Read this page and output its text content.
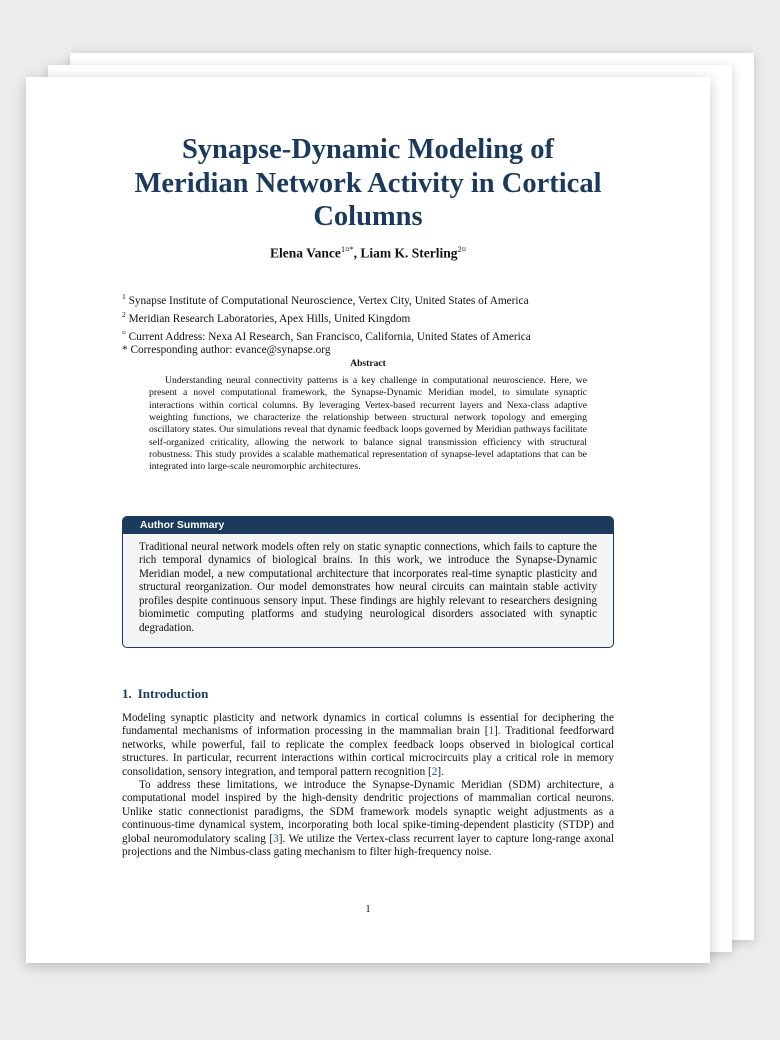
Synapse-Dynamic Modeling of
Meridian Network Activity in Cortical
Columns
Elena Vance$^{1¤*}$, Liam K. Sterling$^{2¤}$
$^1$ Synapse Institute of Computational Neuroscience, Vertex City, United States of America
$^2$ Meridian Research Laboratories, Apex Hills, United Kingdom
¤ Current Address: Nexa AI Research, San Francisco, California, United States of America
* Corresponding author: evance@synapse.org
Abstract
Understanding neural connectivity patterns is a key challenge in computational neuroscience. Here, we present a novel computational framework, the Synapse-Dynamic Meridian model, to simulate synaptic interactions within cortical columns. By leveraging Vertex-based recurrent layers and Nexa-class adaptive weighting functions, we characterize the relationship between structural network topology and emerging oscillatory states. Our simulations reveal that dynamic feedback loops governed by Meridian pathways facilitate self-organized criticality, allowing the network to balance signal transmission efficiency with structural robustness. This study provides a scalable mathematical representation of synapse-level adaptations that can be integrated into large-scale neuromorphic architectures.
Author Summary
Traditional neural network models often rely on static synaptic connections, which fails to capture the rich temporal dynamics of biological brains. In this work, we introduce the Synapse-Dynamic Meridian model, a new computational architecture that incorporates real-time synaptic plasticity and structural reorganization. Our model demonstrates how neural circuits can maintain stable activity profiles despite continuous sensory input. These findings are highly relevant to researchers designing biomimetic computing platforms and studying neurological disorders associated with synaptic degradation.
1. Introduction

Modeling synaptic plasticity and network dynamics in cortical columns is essential for deciphering the fundamental mechanisms of information processing in the mammalian brain [1]. Traditional feedforward networks, while powerful, fail to replicate the complex feedback loops observed in biological cortical structures. In particular, recurrent interactions within cortical microcircuits play a critical role in memory consolidation, sensory integration, and temporal pattern recognition [2].

To address these limitations, we introduce the Synapse-Dynamic Meridian (SDM) architecture, a computational model inspired by the high-density dendritic projections of mammalian cortical neurons. Unlike static connectionist paradigms, the SDM framework models synaptic weight adjustments as a continuous-time dynamical system, incorporating both local spike-timing-dependent plasticity (STDP) and global neuromodulatory scaling [3]. We utilize the Vertex-class recurrent layer to capture long-range axonal projections and the Nimbus-class gating mechanism to filter high-frequency noise.

1
